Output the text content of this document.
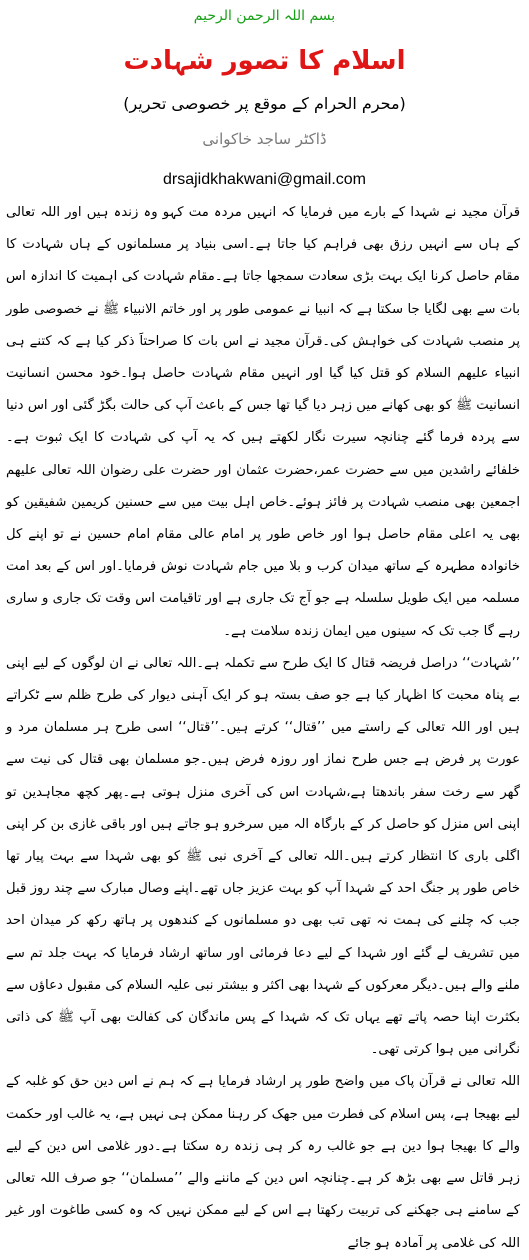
بسم اللہ الرحمن الرحیم
اسلام کا تصور شہادت
(محرم الحرام کے موقع پر خصوصی تحریر)
ڈاکٹر ساجد خاکوانی
drsajidkhakwani@gmail.com

قرآن مجید نے شہدا کے بارے میں فرمایا کہ انہیں مردہ مت کہو وہ زندہ ہیں اور اللہ تعالی کے ہاں سے انہیں رزق بھی فراہم کیا جاتا ہے۔اسی بنیاد پر مسلمانوں کے ہاں شہادت کا مقام حاصل کرنا ایک بہت بڑی سعادت سمجھا جاتا ہے۔مقام شہادت کی اہمیت کا اندازہ اس بات سے بھی لگایا جا سکتا ہے کہ انبیا نے عمومی طور پر اور خاتم الانبیاء ﷺ نے خصوصی طور پر منصب شہادت کی خواہش کی۔قرآن مجید نے اس بات کا صراحتاََ ذکر کیا ہے کہ کتنے ہی انبیاء علیھم السلام کو قتل کیا گیا اور انہیں مقام شہادت حاصل ہوا۔خود محسن انسانیت انسانیت ﷺ کو بھی کھانے میں زہر دیا گیا تھا جس کے باعث آپ کی حالت بگڑ گئی اور اس دنیا سے پردہ فرما گئے چنانچہ سیرت نگار لکھتے ہیں کہ یہ آپ کی شہادت کا ایک ثبوت ہے۔خلفائے راشدین میں سے حضرت عمر،حضرت عثمان اور حضرت علی رضوان اللہ تعالی علیھم اجمعین بھی منصب شہادت پر فائز ہوئے۔خاص اہل بیت میں سے حسنین کریمین شفیقین کو بھی یہ اعلی مقام حاصل ہوا اور خاص طور پر امام عالی مقام امام حسین نے تو اپنے کل خانوادہ مطہرہ کے ساتھ میدان کرب و بلا میں جام شہادت نوش فرمایا۔اور اس کے بعد امت مسلمہ میں ایک طویل سلسلہ ہے جو آج تک جاری ہے اور تاقیامت اس وقت تک جاری و ساری رہے گا جب تک کہ سینوں میں ایمان زندہ سلامت ہے۔

’’شہادت‘‘ دراصل فریضہ قتال کا ایک طرح سے تکملہ ہے۔اللہ تعالی نے ان لوگوں کے لیے اپنی بے پناہ محبت کا اظہار کیا ہے جو صف بستہ ہو کر ایک آہنی دیوار کی طرح ظلم سے ٹکراتے ہیں اور اللہ تعالی کے راستے میں ’’قتال‘‘ کرتے ہیں۔’’قتال‘‘ اسی طرح ہر مسلمان مرد و عورت پر فرض ہے جس طرح نماز اور روزہ فرض ہیں۔جو مسلمان بھی قتال کی نیت سے گھر سے رخت سفر باندھتا ہے،شہادت اس کی آخری منزل ہوتی ہے۔پھر کچھ مجاہدین تو اپنی اس منزل کو حاصل کر کے بارگاہ الہ میں سرخرو ہو جاتے ہیں اور باقی غازی بن کر اپنی اگلی باری کا انتظار کرتے ہیں۔اللہ تعالی کے آخری نبی ﷺ کو بھی شہدا سے بہت پیار تھا خاص طور پر جنگ احد کے شہدا آپ کو بہت عزیز جاں تھے۔اپنے وصال مبارک سے چند روز قبل جب کہ چلنے کی ہمت نہ تھی تب بھی دو مسلمانوں کے کندھوں پر ہاتھ رکھ کر میدان احد میں تشریف لے گئے اور شہدا کے لیے دعا فرمائی اور ساتھ ارشاد فرمایا کہ بہت جلد تم سے ملنے والے ہیں۔دیگر معرکوں کے شہدا بھی اکثر و بیشتر نبی علیہ السلام کی مقبول دعاؤں سے بکثرت اپنا حصہ پاتے تھے یہاں تک کہ شہدا کے پس ماندگان کی کفالت بھی آپ ﷺ کی ذاتی نگرانی میں ہوا کرتی تھی۔

اللہ تعالی نے قرآن پاک میں واضح طور پر ارشاد فرمایا ہے کہ ہم نے اس دین حق کو غلبہ کے لیے بھیجا ہے، پس اسلام کی فطرت میں جھک کر رہنا ممکن ہی نہیں ہے، یہ غالب اور حکمت والے کا بھیجا ہوا دین ہے جو غالب رہ کر ہی زندہ رہ سکتا ہے۔دور غلامی اس دین کے لیے زہر قاتل سے بھی بڑھ کر ہے۔چنانچہ اس دین کے ماننے والے ’’مسلمان‘‘ جو صرف اللہ تعالی کے سامنے ہی جھکنے کی تربیت رکھتا ہے اس کے لیے ممکن نہیں کہ وہ کسی طاغوت اور غیر اللہ کی غلامی پر آمادہ ہو جائے
